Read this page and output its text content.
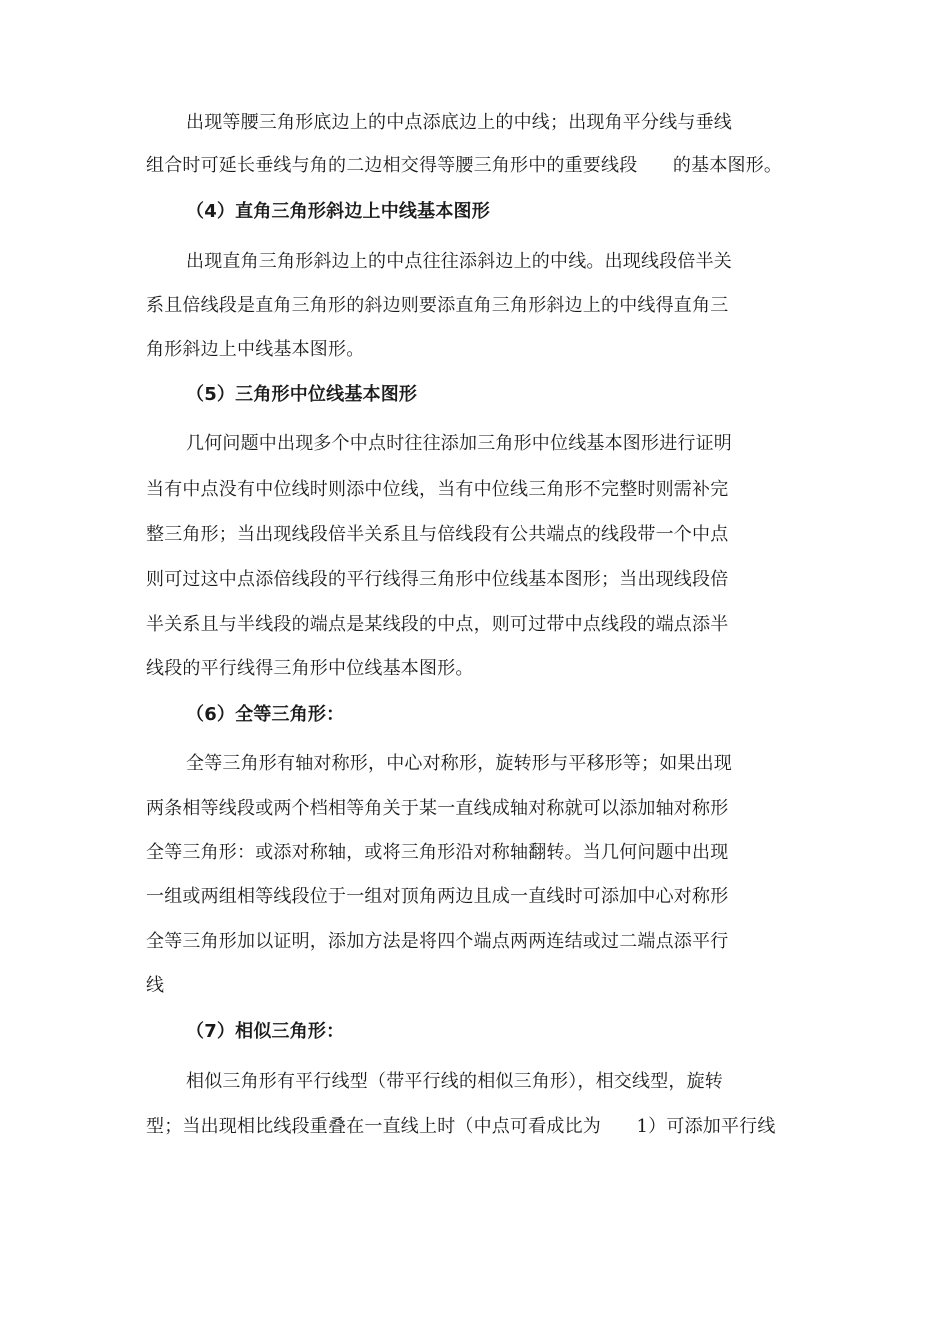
出现等腰三角形底边上的中点添底边上的中线；出现角平分线与垂线
组合时可延长垂线与角的二边相交得等腰三角形中的重要线段      的基本图形。
（4）直角三角形斜边上中线基本图形
出现直角三角形斜边上的中点往往添斜边上的中线。出现线段倍半关
系且倍线段是直角三角形的斜边则要添直角三角形斜边上的中线得直角三
角形斜边上中线基本图形。
（5）三角形中位线基本图形
几何问题中出现多个中点时往往添加三角形中位线基本图形进行证明
当有中点没有中位线时则添中位线，当有中位线三角形不完整时则需补完
整三角形；当出现线段倍半关系且与倍线段有公共端点的线段带一个中点
则可过这中点添倍线段的平行线得三角形中位线基本图形；当出现线段倍
半关系且与半线段的端点是某线段的中点，则可过带中点线段的端点添半
线段的平行线得三角形中位线基本图形。
（6）全等三角形：
全等三角形有轴对称形，中心对称形，旋转形与平移形等；如果出现
两条相等线段或两个档相等角关于某一直线成轴对称就可以添加轴对称形
全等三角形：或添对称轴，或将三角形沿对称轴翻转。当几何问题中出现
一组或两组相等线段位于一组对顶角两边且成一直线时可添加中心对称形
全等三角形加以证明，添加方法是将四个端点两两连结或过二端点添平行
线
（7）相似三角形：
相似三角形有平行线型（带平行线的相似三角形），相交线型，旋转
型；当出现相比线段重叠在一直线上时（中点可看成比为      1）可添加平行线
